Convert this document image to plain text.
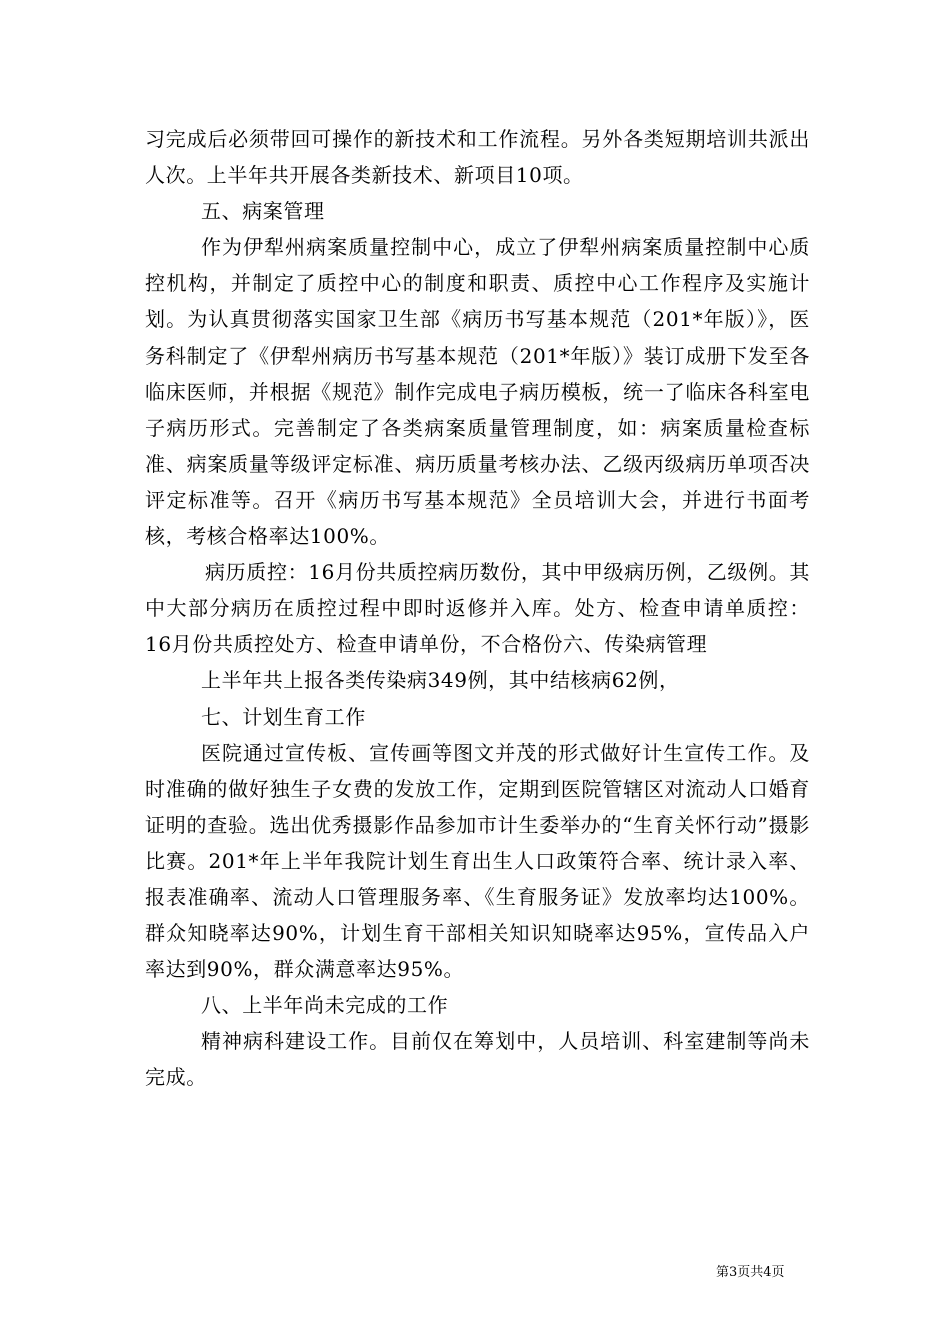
习完成后必须带回可操作的新技术和工作流程。另外各类短期培训共派出人次。上半年共开展各类新技术、新项目10项。

五、病案管理

作为伊犁州病案质量控制中心，成立了伊犁州病案质量控制中心质控机构，并制定了质控中心的制度和职责、质控中心工作程序及实施计划。为认真贯彻落实国家卫生部《病历书写基本规范（201*年版）》，医务科制定了《伊犁州病历书写基本规范（201*年版）》装订成册下发至各临床医师，并根据《规范》制作完成电子病历模板，统一了临床各科室电子病历形式。完善制定了各类病案质量管理制度，如：病案质量检查标准、病案质量等级评定标准、病历质量考核办法、乙级丙级病历单项否决评定标准等。召开《病历书写基本规范》全员培训大会，并进行书面考核，考核合格率达100%。

病历质控：16月份共质控病历数份，其中甲级病历例，乙级例。其中大部分病历在质控过程中即时返修并入库。处方、检查申请单质控：16月份共质控处方、检查申请单份，不合格份六、传染病管理

上半年共上报各类传染病349例，其中结核病62例，

七、计划生育工作

医院通过宣传板、宣传画等图文并茂的形式做好计生宣传工作。及时准确的做好独生子女费的发放工作，定期到医院管辖区对流动人口婚育证明的查验。选出优秀摄影作品参加市计生委举办的“生育关怀行动”摄影比赛。201*年上半年我院计划生育出生人口政策符合率、统计录入率、报表准确率、流动人口管理服务率、《生育服务证》发放率均达100%。群众知晓率达90%，计划生育干部相关知识知晓率达95%，宣传品入户率达到90%，群众满意率达95%。

八、上半年尚未完成的工作

精神病科建设工作。目前仅在筹划中，人员培训、科室建制等尚未完成。

第3页共4页
